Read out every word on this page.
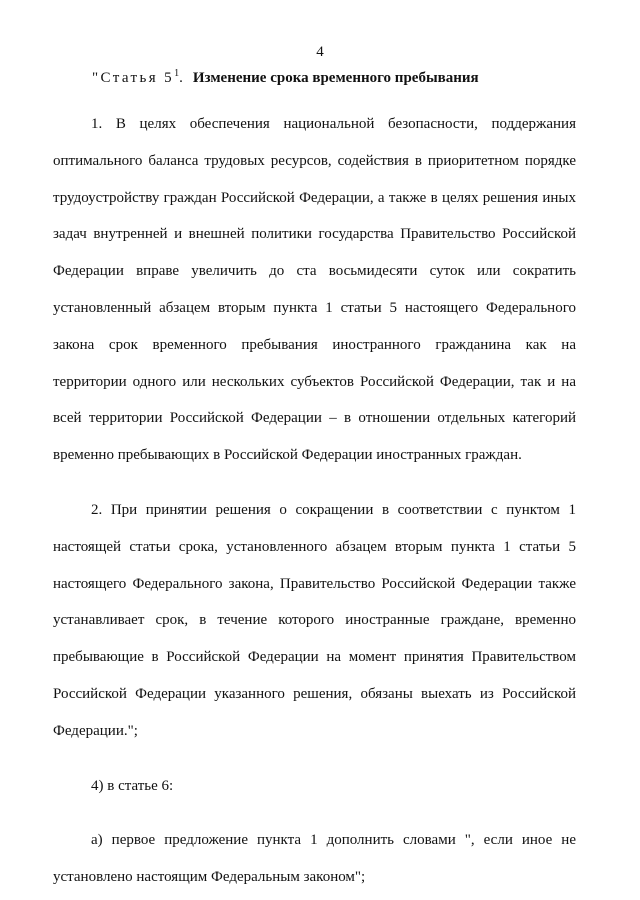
4
"Статья $5^1$. Изменение срока временного пребывания

1. В целях обеспечения национальной безопасности, поддержания оптимального баланса трудовых ресурсов, содействия в приоритетном порядке трудоустройству граждан Российской Федерации, а также в целях решения иных задач внутренней и внешней политики государства Правительство Российской Федерации вправе увеличить до ста восьмидесяти суток или сократить установленный абзацем вторым пункта 1 статьи 5 настоящего Федерального закона срок временного пребывания иностранного гражданина как на территории одного или нескольких субъектов Российской Федерации, так и на всей территории Российской Федерации – в отношении отдельных категорий временно пребывающих в Российской Федерации иностранных граждан.

2. При принятии решения о сокращении в соответствии с пунктом 1 настоящей статьи срока, установленного абзацем вторым пункта 1 статьи 5 настоящего Федерального закона, Правительство Российской Федерации также устанавливает срок, в течение которого иностранные граждане, временно пребывающие в Российской Федерации на момент принятия Правительством Российской Федерации указанного решения, обязаны выехать из Российской Федерации.";

4) в статье 6:

а) первое предложение пункта 1 дополнить словами ", если иное не установлено настоящим Федеральным законом";
